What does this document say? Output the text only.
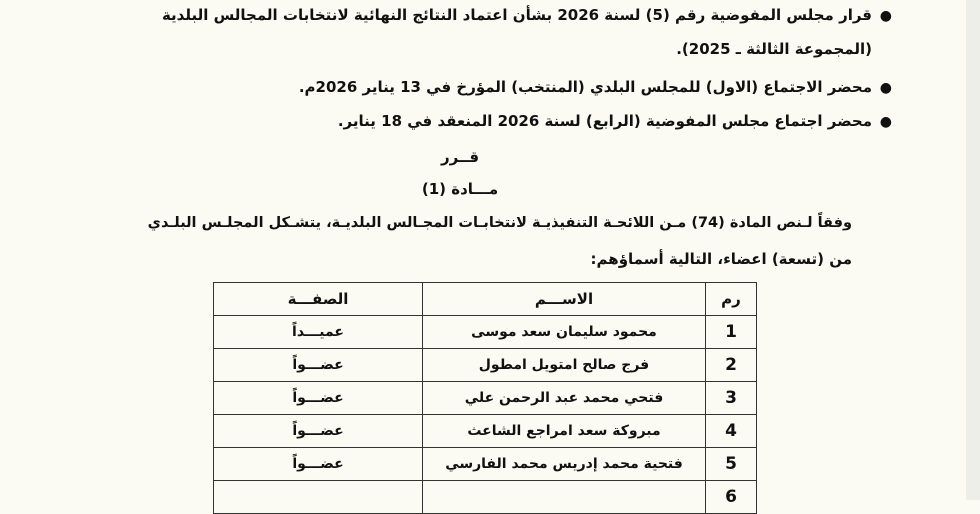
●
قرار مجلس المفوضية رقم (5) لسنة 2026 بشأن اعتماد النتائج النهائية لانتخابات المجالس البلدية
(المجموعة الثالثة ـ 2025).
●
محضر الاجتماع (الاول) للمجلس البلدي (المنتخب) المؤرخ في 13 يناير 2026م.
●
محضر اجتماع مجلس المفوضية (الرابع) لسنة 2026 المنعقد في 18 يناير.
قــرر
مـــادة (1)
وفقاً لـنص المادة (74) مـن اللائحـة التنفيذيـة لانتخابـات المجـالس البلديـة، يتشـكل المجلـس البلـدي
من (تسعة) اعضاء، التالية أسماؤهم:
رم	الاســـم	الصفـــة
1	محمود سليمان سعد موسى	عميـــداً
2	فرج صالح امتويل امطول	عضـــواً
3	فتحي محمد عبد الرحمن علي	عضـــواً
4	مبروكة سعد امراجع الشاعث	عضـــواً
5	فتحية محمد إدريس محمد الفارسي	عضـــواً
6		
